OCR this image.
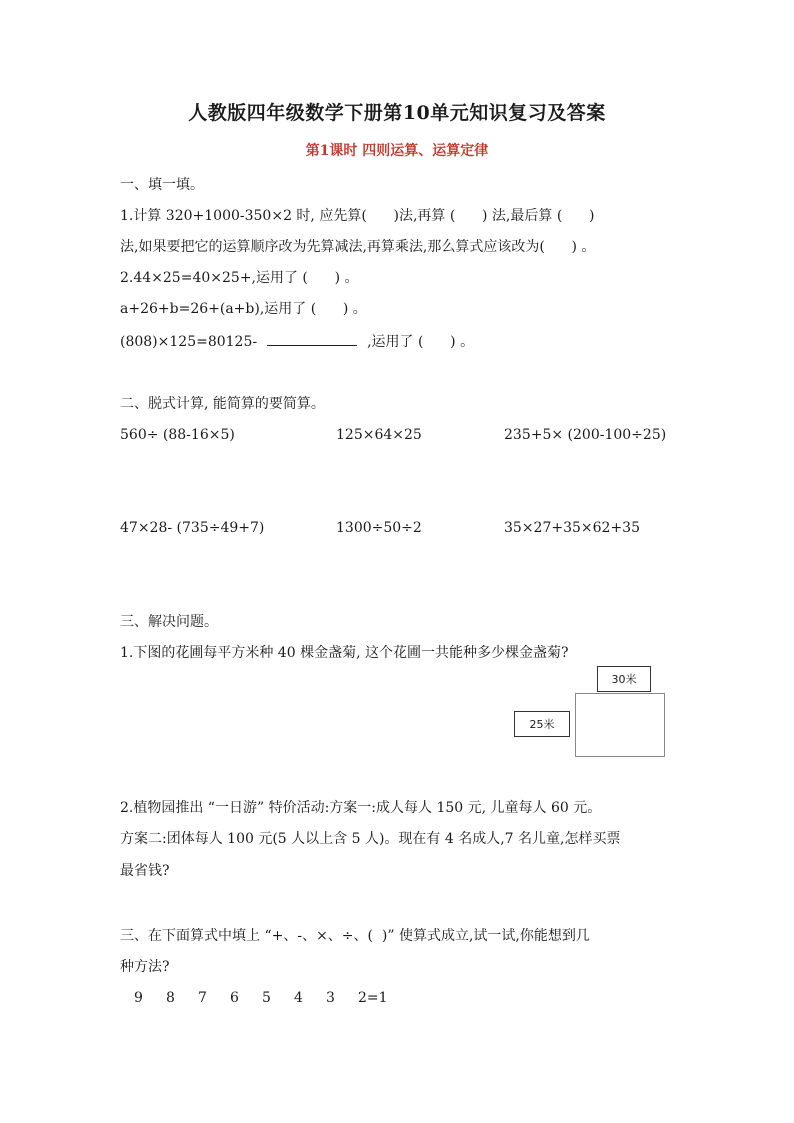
人教版四年级数学下册第10单元知识复习及答案
第1课时 四则运算、运算定律
一、填一填。
1.计算 320+1000-350×2 时, 应先算(      )法,再算 (      ) 法,最后算 (      )
法,如果要把它的运算顺序改为先算减法,再算乘法,那么算式应该改为(      ) 。
2.44×25=40×25+,运用了 (      ) 。
a+26+b=26+(a+b),运用了 (      ) 。
(808)×125=80125-	,运用了 (      ) 。
二、脱式计算, 能简算的要简算。
560÷ (88-16×5)	125×64×25	235+5× (200-100÷25)
47×28- (735÷49+7)	1300÷50÷2	35×27+35×62+35
三、解决问题。
1.下图的花圃每平方米种 40 棵金盏菊, 这个花圃一共能种多少棵金盏菊?
30米
25米
2.植物园推出 “一日游” 特价活动:方案一:成人每人 150 元, 儿童每人 60 元。
方案二:团体每人 100 元(5 人以上含 5 人)。现在有 4 名成人,7 名儿童,怎样买票
最省钱?
三、在下面算式中填上 “+、-、×、÷、(  )” 使算式成立,试一试,你能想到几
种方法?
9	8	7	6	5	4	3	2=1
